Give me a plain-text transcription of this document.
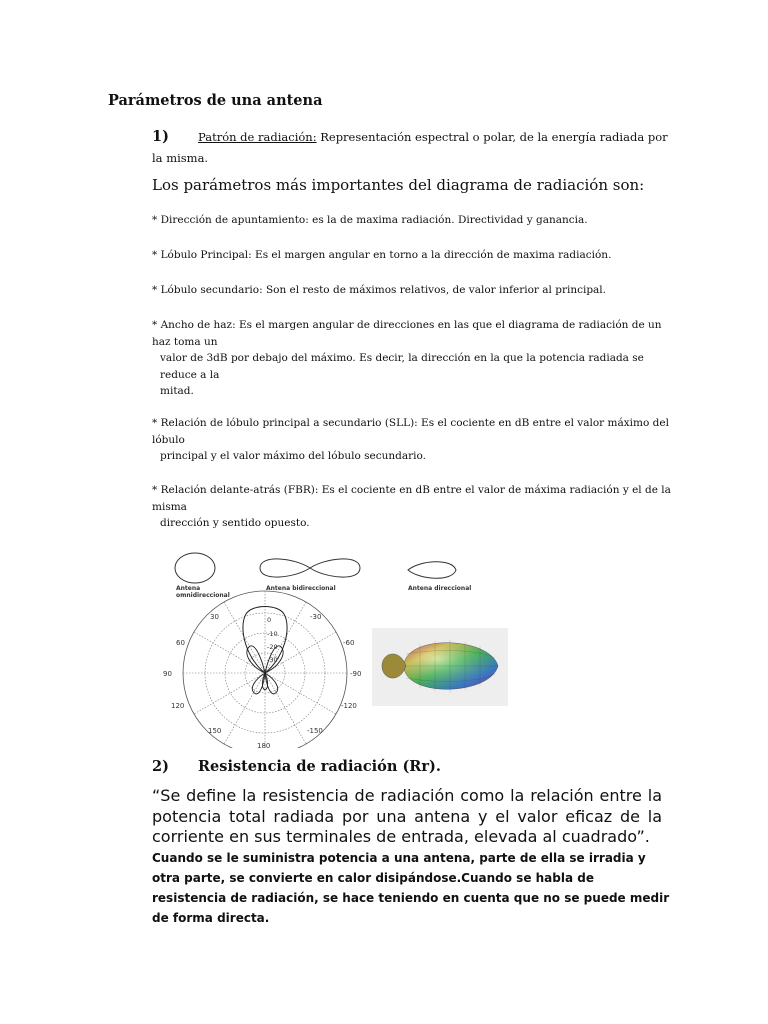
Parámetros de una antena
1)	Patrón de radiación: Representación espectral o polar, de la energía radiada por la misma.
Los parámetros más importantes del diagrama de radiación son:
* Dirección de apuntamiento: es la de maxima radiación. Directividad y ganancia.
* Lóbulo Principal: Es el margen angular en torno a la dirección de maxima radiación.
* Lóbulo secundario: Son el resto de máximos relativos, de valor inferior al principal.
* Ancho de haz: Es el margen angular de direcciones en las que el diagrama de radiación de un haz toma un
valor de 3dB por debajo del máximo. Es decir, la dirección en la que la potencia radiada se reduce a la
mitad.
* Relación de lóbulo principal a secundario (SLL): Es el cociente en dB entre el valor máximo del lóbulo
principal y el valor máximo del lóbulo secundario.
* Relación delante-atrás (FBR): Es el cociente en dB entre el valor de máxima radiación y el de la misma
dirección y sentido opuesto.
Antena omnidireccional
Antena bidireccional	Antena direccional
30	-30
60	-60
90	-90
120	-120
150	-150
180
0
-10
-20
-30
2) Resistencia de radiación (Rr).
“Se define la resistencia de radiación como la relación entre la potencia total radiada por una antena y el valor eficaz de la corriente en sus terminales de entrada, elevada al cuadrado”.
Cuando se le suministra potencia a una antena, parte de ella se irradia y otra parte, se convierte en calor disipándose.Cuando se habla de resistencia de radiación, se hace teniendo en cuenta que no se puede medir de forma directa.
